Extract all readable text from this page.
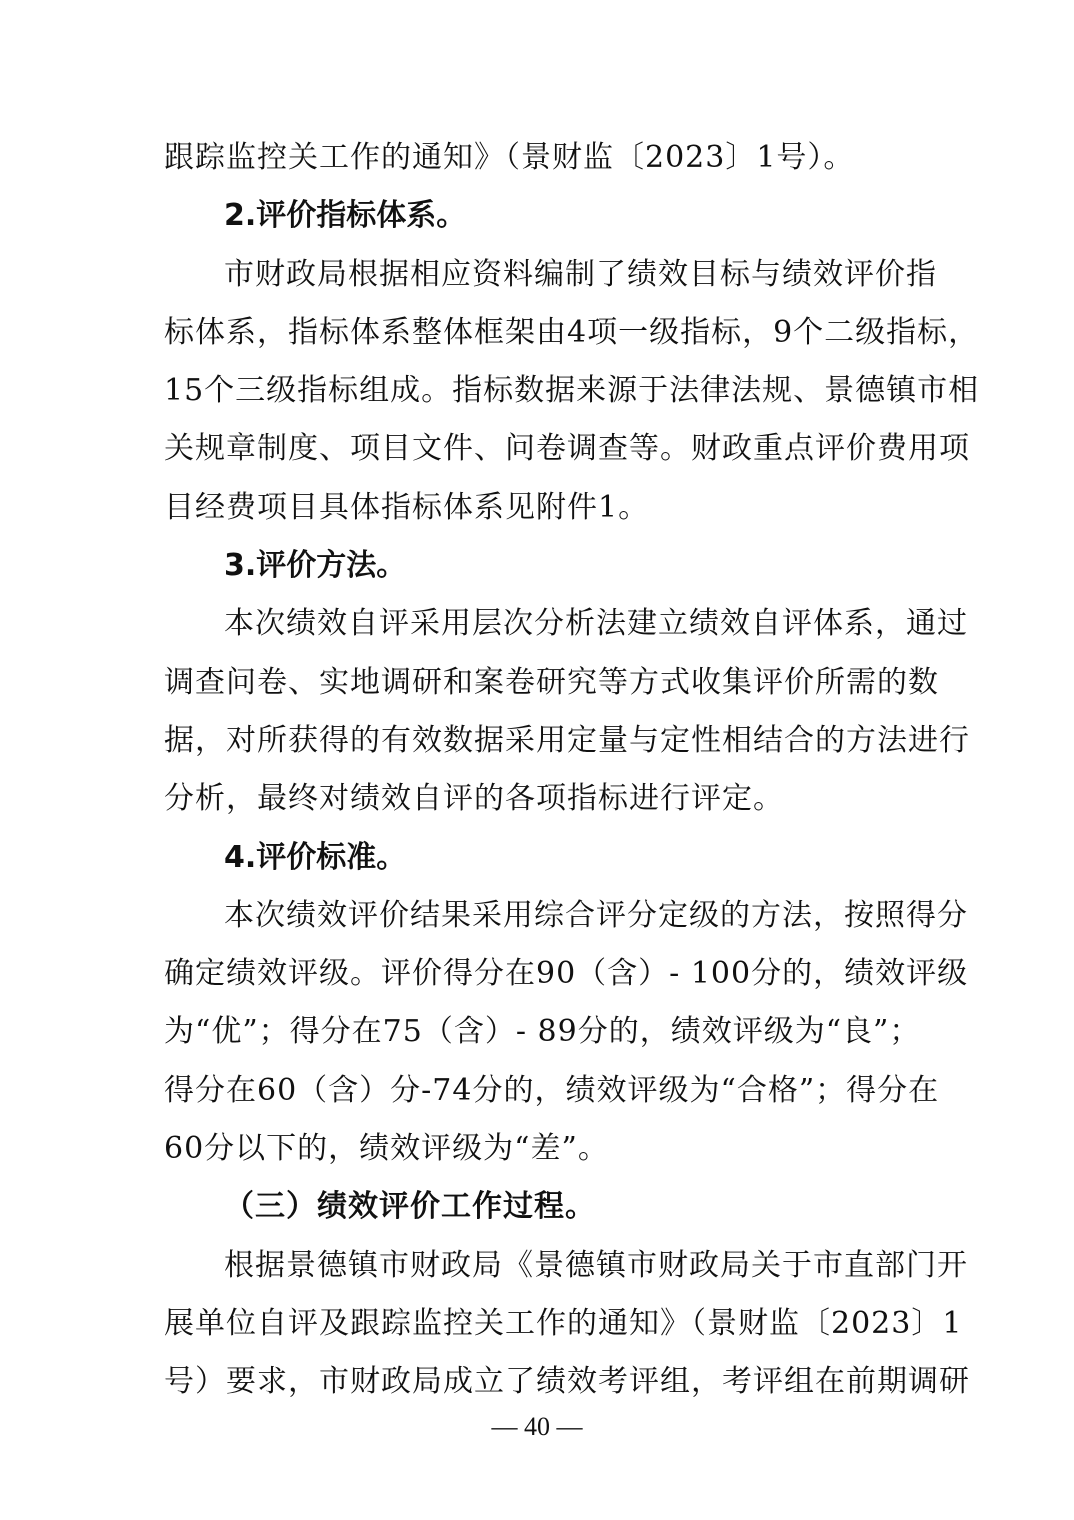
跟踪监控关工作的通知》（景财监〔2023〕1号）。
2.评价指标体系。
市财政局根据相应资料编制了绩效目标与绩效评价指
标体系，指标体系整体框架由4项一级指标，9个二级指标，
15个三级指标组成。指标数据来源于法律法规、景德镇市相
关规章制度、项目文件、问卷调查等。财政重点评价费用项
目经费项目具体指标体系见附件1。
3.评价方法。
本次绩效自评采用层次分析法建立绩效自评体系，通过
调查问卷、实地调研和案卷研究等方式收集评价所需的数
据，对所获得的有效数据采用定量与定性相结合的方法进行
分析，最终对绩效自评的各项指标进行评定。
4.评价标准。
本次绩效评价结果采用综合评分定级的方法，按照得分
确定绩效评级。评价得分在90（含）- 100分的，绩效评级
为“优”；得分在75（含）- 89分的，绩效评级为“良”；
得分在60（含）分-74分的，绩效评级为“合格”；得分在
60分以下的，绩效评级为“差”。
（三）绩效评价工作过程。
根据景德镇市财政局《景德镇市财政局关于市直部门开
展单位自评及跟踪监控关工作的通知》（景财监〔2023〕1
号）要求，市财政局成立了绩效考评组，考评组在前期调研
— 40 —
